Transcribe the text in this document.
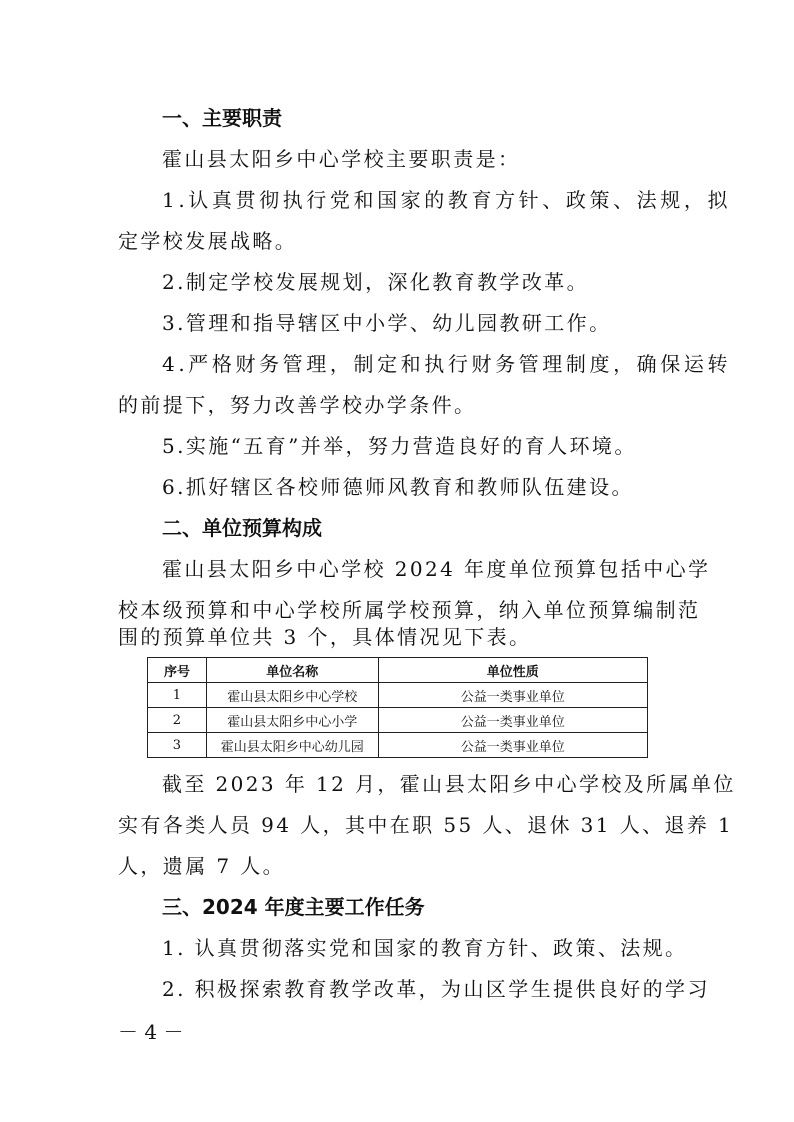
一、主要职责
霍山县太阳乡中心学校主要职责是：
1.认真贯彻执行党和国家的教育方针、政策、法规，拟
定学校发展战略。
2.制定学校发展规划，深化教育教学改革。
3.管理和指导辖区中小学、幼儿园教研工作。
4.严格财务管理，制定和执行财务管理制度，确保运转
的前提下，努力改善学校办学条件。
5.实施“五育”并举，努力营造良好的育人环境。
6.抓好辖区各校师德师风教育和教师队伍建设。
二、单位预算构成
霍山县太阳乡中心学校 2024 年度单位预算包括中心学
校本级预算和中心学校所属学校预算，纳入单位预算编制范
围的预算单位共 3 个，具体情况见下表。
序号	单位名称	单位性质
1	霍山县太阳乡中心学校	公益一类事业单位
2	霍山县太阳乡中心小学	公益一类事业单位
3	霍山县太阳乡中心幼儿园	公益一类事业单位
截至 2023 年 12 月，霍山县太阳乡中心学校及所属单位
实有各类人员 94 人，其中在职 55 人、退休 31 人、退养 1
人，遗属 7 人。
三、2024 年度主要工作任务
1. 认真贯彻落实党和国家的教育方针、政策、法规。
2. 积极探索教育教学改革，为山区学生提供良好的学习
－ 4 －
